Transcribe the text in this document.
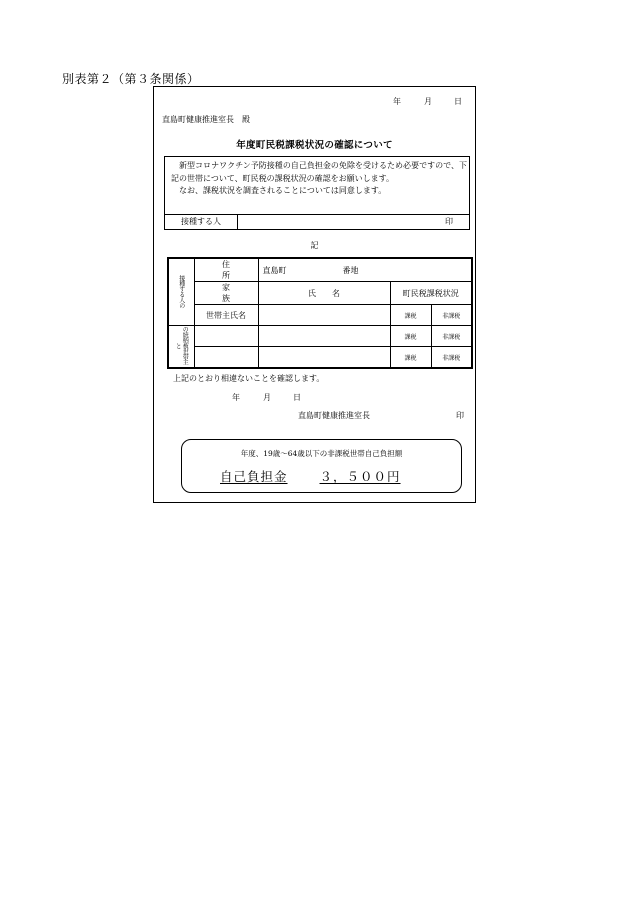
別表第２（第３条関係）
年	月	日
直島町健康推進室長　殿
年度町民税課税状況の確認について

　新型コロナワクチン予防接種の自己負担金の免除を受けるため必要ですので、下記の世帯について、町民税の課税状況の確認をお願いします。

　なお、課税状況を調査されることについては同意します。

接種する人	印
記
接種する人の	住　所	直島町 番地		
	家　族	氏　　名	町民税課税状況	
	世帯主氏名		課税	非課税
の続柄被世帯主と			課税	非課税
			課税	非課税
上記のとおり相違ないことを確認します。
年	月	日
直島町健康推進室長	印
年度、19歳～64歳以下の非課税世帯自己負担額
自己負担金	３，５００円
